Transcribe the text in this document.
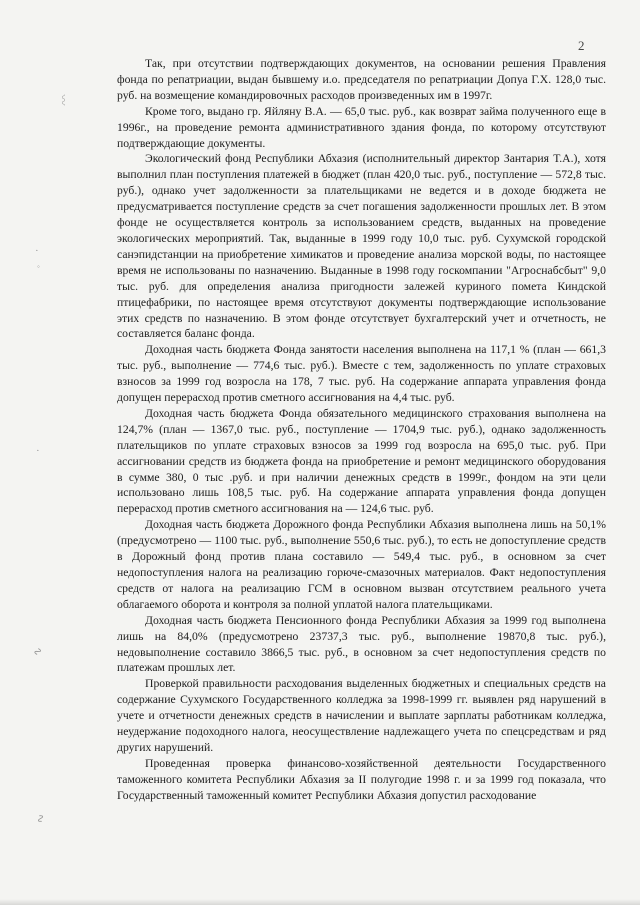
2

Так, при отсутствии подтверждающих документов, на основании решения Правления фонда по репатриации, выдан бывшему и.о. председателя по репатриации Допуа Г.Х. 128,0 тыс. руб. на возмещение командировочных расходов произведенных им в 1997г.

Кроме того, выдано гр. Яйляну В.А. — 65,0 тыс. руб., как возврат займа полученного еще в 1996г., на проведение ремонта административного здания фонда, по которому отсутствуют подтверждающие документы.

Экологический фонд Республики Абхазия (исполнительный директор Зантария Т.А.), хотя выполнил план поступления платежей в бюджет (план 420,0 тыс. руб., поступление — 572,8 тыс. руб.), однако учет задолженности за плательщиками не ведется и в доходе бюджета не предусматривается поступление средств за счет погашения задолженности прошлых лет. В этом фонде не осуществляется контроль за использованием средств, выданных на проведение экологических мероприятий. Так, выданные в 1999 году 10,0 тыс. руб. Сухумской городской санэпидстанции на приобретение химикатов и проведение анализа морской воды, по настоящее время не использованы по назначению. Выданные в 1998 году госкомпании "Агроснабсбыт" 9,0 тыс. руб. для определения анализа пригодности залежей куриного помета Киндской птицефабрики, по настоящее время отсутствуют документы подтверждающие использование этих средств по назначению. В этом фонде отсутствует бухгалтерский учет и отчетность, не составляется баланс фонда.

Доходная часть бюджета Фонда занятости населения выполнена на 117,1 % (план — 661,3 тыс. руб., выполнение — 774,6 тыс. руб.). Вместе с тем, задолженность по уплате страховых взносов за 1999 год возросла на 178, 7 тыс. руб. На содержание аппарата управления фонда допущен перерасход против сметного ассигнования на 4,4 тыс. руб.

Доходная часть бюджета Фонда обязательного медицинского страхования выполнена на 124,7% (план — 1367,0 тыс. руб., поступление — 1704,9 тыс. руб.), однако задолженность плательщиков по уплате страховых взносов за 1999 год возросла на 695,0 тыс. руб. При ассигновании средств из бюджета фонда на приобретение и ремонт медицинского оборудования в сумме 380, 0 тыс .руб. и при наличии денежных средств в 1999г., фондом на эти цели использовано лишь 108,5 тыс. руб. На содержание аппарата управления фонда допущен перерасход против сметного ассигнования на — 124,6 тыс. руб.

Доходная часть бюджета Дорожного фонда Республики Абхазия выполнена лишь на 50,1% (предусмотрено — 1100 тыс. руб., выполнение 550,6 тыс. руб.), то есть не допоступление средств в Дорожный фонд против плана составило — 549,4 тыс. руб., в основном за счет недопоступления налога на реализацию горюче-смазочных материалов. Факт недопоступления средств от налога на реализацию ГСМ в основном вызван отсутствием реального учета облагаемого оборота и контроля за полной уплатой налога плательщиками.

Доходная часть бюджета Пенсионного фонда Республики Абхазия за 1999 год выполнена лишь на 84,0% (предусмотрено 23737,3 тыс. руб., выполнение 19870,8 тыс. руб.), недовыполнение составило 3866,5 тыс. руб., в основном за счет недопоступления средств по платежам прошлых лет.

Проверкой правильности расходования выделенных бюджетных и специальных средств на содержание Сухумского Государственного колледжа за 1998-1999 гг. выявлен ряд нарушений в учете и отчетности денежных средств в начислении и выплате зарплаты работникам колледжа, неудержание подоходного налога, неосуществление надлежащего учета по спецсредствам и ряд других нарушений.

Проведенная проверка финансово-хозяйственной деятельности Государственного таможенного комитета Республики Абхазия за II полугодие 1998 г. и за 1999 год показала, что Государственный таможенный комитет Республики Абхазия допустил расходование

〰
·
◦
·
∿
∿
